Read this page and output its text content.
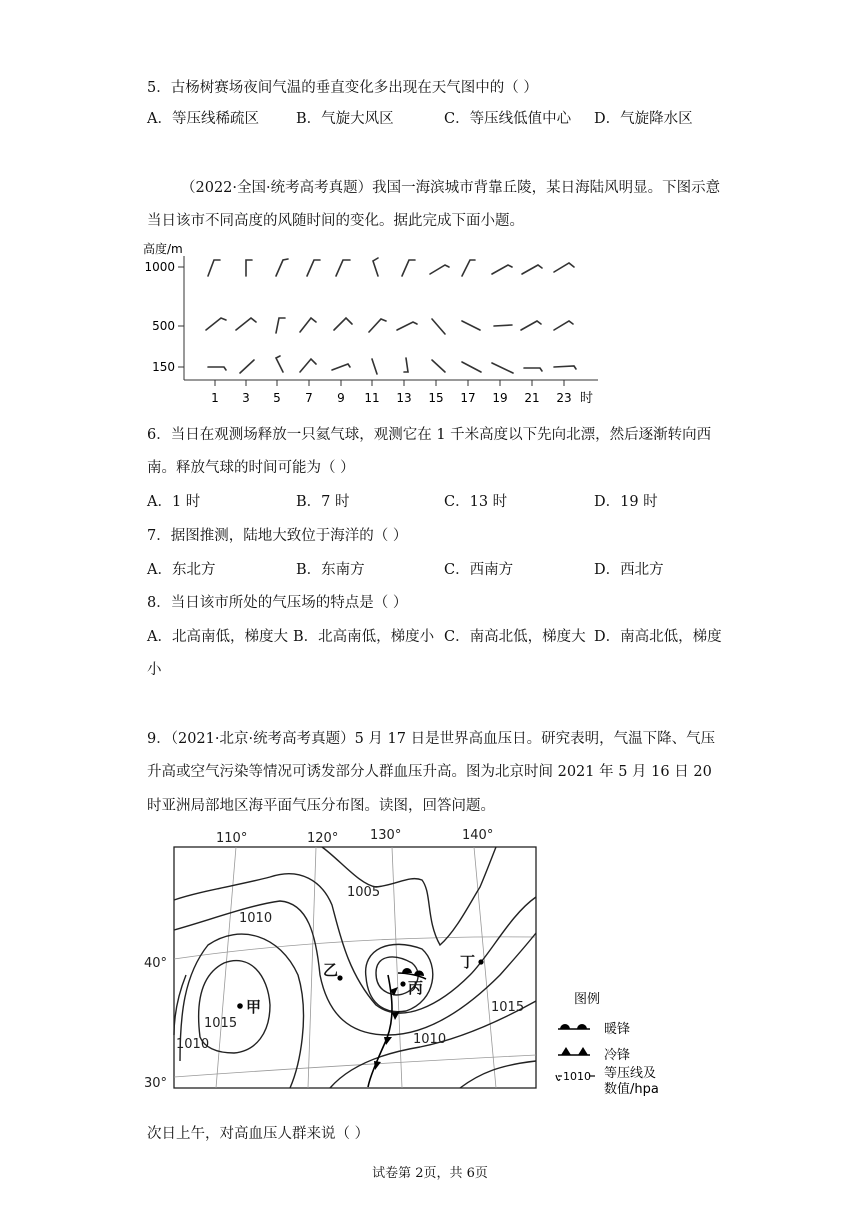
5．古杨树赛场夜间气温的垂直变化多出现在天气图中的（ ）
A．等压线稀疏区	B．气旋大风区	C．等压线低值中心 D．气旋降水区
（2022·全国·统考高考真题）我国一海滨城市背靠丘陵，某日海陆风明显。下图示意
当日该市不同高度的风随时间的变化。据此完成下面小题。
高度/m
1000
500
150
1 3 5 7 9 11 13 15 17 19 21 23 时
6．当日在观测场释放一只氦气球，观测它在 1 千米高度以下先向北漂，然后逐渐转向西
南。释放气球的时间可能为（ ）
A．1 时	B．7 时	C．13 时	D．19 时
7．据图推测，陆地大致位于海洋的（ ）
A．东北方	B．东南方	C．西南方	D．西北方
8．当日该市所处的气压场的特点是（ ）
A．北高南低，梯度大 B．北高南低，梯度小 C．南高北低，梯度大 D．南高北低，梯度
小
9．（2021·北京·统考高考真题）5 月 17 日是世界高血压日。研究表明，气温下降、气压
升高或空气污染等情况可诱发部分人群血压升高。图为北京时间 2021 年 5 月 16 日 20
时亚洲局部地区海平面气压分布图。读图，回答问题。
110°	120° 130°	140°
40°
30°
甲
乙
丙
丁
1005
1010
1015
1010	1010
1015
图例
暖锋
冷锋
1010 等压线及
数值/hpa
次日上午，对高血压人群来说（ ）
试卷第 2页，共 6页
